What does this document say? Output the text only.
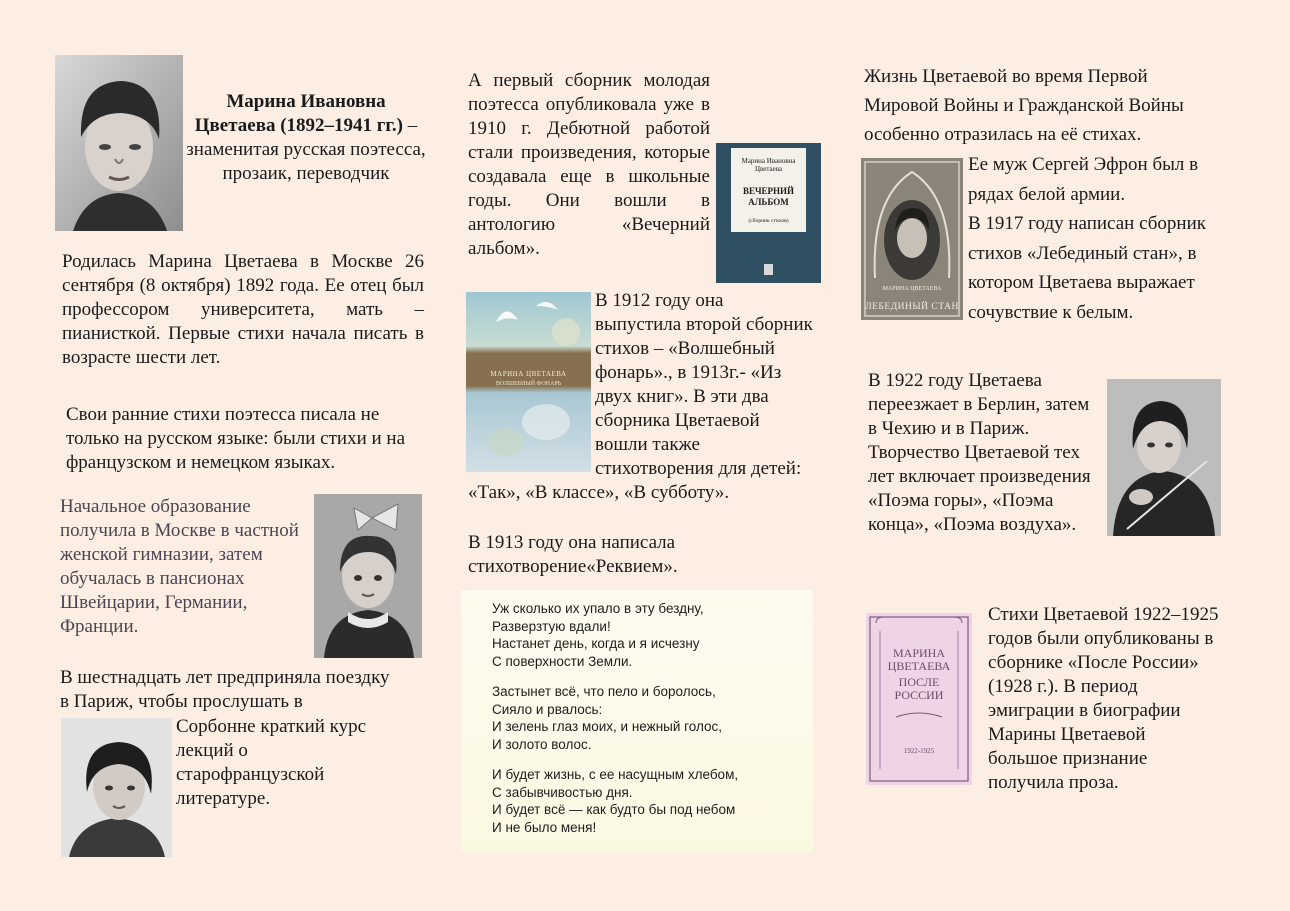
Марина Ивановна Цветаева (1892–1941 гг.) – знаменитая русская поэтесса, прозаик, переводчик

Родилась Марина Цветаева в Москве 26 сентября (8 октября) 1892 года. Ее отец был профессором университета, мать – пианисткой. Первые стихи начала писать в возрасте шести лет.

Свои ранние стихи поэтесса писала не только на русском языке: были стихи и на французском и немецком языках.

Начальное образование получила в Москве в частной женской гимназии, затем обучалась в пансионах Швейцарии, Германии, Франции.

В шестнадцать лет предприняла поездку в Париж, чтобы прослушать в

Сорбонне краткий курс лекций о старофранцузской литературе.

Марина Ивановна Цветаева
ВЕЧЕРНИЙ АЛЬБОМ
(сборник стихов)

А первый сборник молодая поэтесса опубликовала уже в 1910 г. Дебютной работой стали произведения, которые создавала еще в школьные годы. Они вошли в антологию «Вечерний альбом».

МАРИНА ЦВЕТАЕВА
ВОЛШЕБНЫЙ ФОНАРЬ

В 1912 году она выпустила второй сборник стихов – «Волшебный фонарь»., в 1913г.- «Из двух книг». В эти два сборника Цветаевой вошли также стихотворения для детей: «Так», «В классе», «В субботу».

В 1913 году она написала стихотворение«Реквием».

Уж сколько их упало в эту бездну,
Разверзтую вдали!
Настанет день, когда и я исчезну
С поверхности Земли.
Застынет всё, что пело и боролось,
Сияло и рвалось:
И зелень глаз моих, и нежный голос,
И золото волос.
И будет жизнь, с ее насущным хлебом,
С забывчивостью дня.
И будет всё — как будто бы под небом
И не было меня!

Жизнь Цветаевой во время Первой Мировой Войны и Гражданской Войны особенно отразилась на её стихах.

МАРИНА ЦВЕТАЕВА
ЛЕБЕДИНЫЙ СТАН

Ее муж Сергей Эфрон был в рядах белой армии.
В 1917 году написан сборник стихов «Лебединый стан», в котором Цветаева выражает сочувствие к белым.

В 1922 году Цветаева переезжает в Берлин, затем в Чехию и в Париж. Творчество Цветаевой тех лет включает произведения «Поэма горы», «Поэма конца», «Поэма воздуха».

МАРИНА ЦВЕТАЕВА
ПОСЛЕ РОССИИ
1922-1925

Стихи Цветаевой 1922–1925 годов были опубликованы в сборнике «После России» (1928 г.). В период эмиграции в биографии Марины Цветаевой большое признание получила проза.
